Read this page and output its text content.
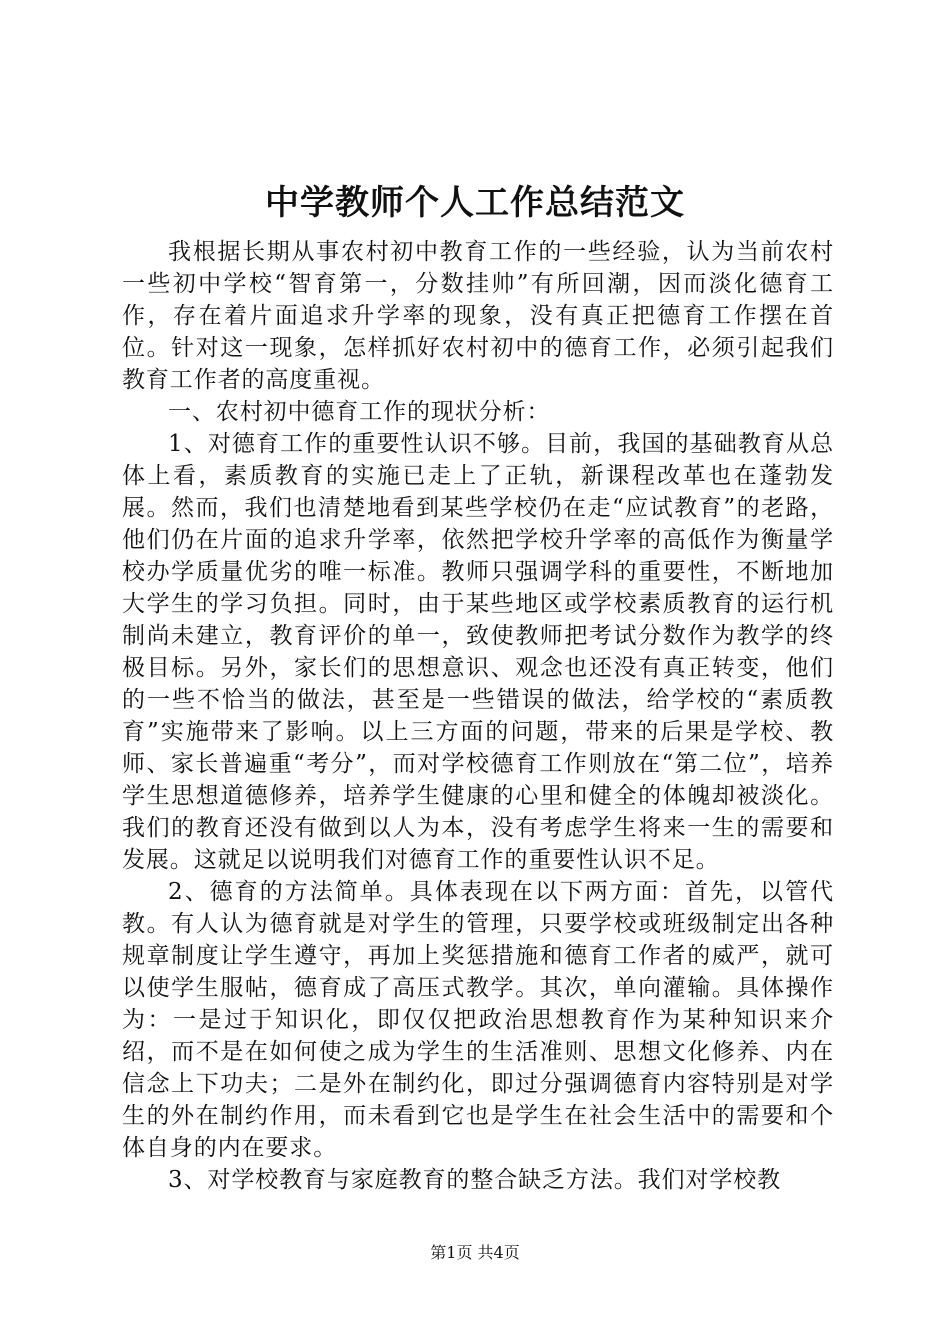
中学教师个人工作总结范文

我根据长期从事农村初中教育工作的一些经验，认为当前农村一些初中学校“智育第一，分数挂帅”有所回潮，因而淡化德育工作，存在着片面追求升学率的现象，没有真正把德育工作摆在首位。针对这一现象，怎样抓好农村初中的德育工作，必须引起我们教育工作者的高度重视。

一、农村初中德育工作的现状分析：

1、对德育工作的重要性认识不够。目前，我国的基础教育从总体上看，素质教育的实施已走上了正轨，新课程改革也在蓬勃发展。然而，我们也清楚地看到某些学校仍在走“应试教育”的老路，他们仍在片面的追求升学率，依然把学校升学率的高低作为衡量学校办学质量优劣的唯一标准。教师只强调学科的重要性，不断地加大学生的学习负担。同时，由于某些地区或学校素质教育的运行机制尚未建立，教育评价的单一，致使教师把考试分数作为教学的终极目标。另外，家长们的思想意识、观念也还没有真正转变，他们的一些不恰当的做法，甚至是一些错误的做法，给学校的“素质教育”实施带来了影响。以上三方面的问题，带来的后果是学校、教师、家长普遍重“考分”，而对学校德育工作则放在“第二位”，培养学生思想道德修养，培养学生健康的心里和健全的体魄却被淡化。我们的教育还没有做到以人为本，没有考虑学生将来一生的需要和发展。这就足以说明我们对德育工作的重要性认识不足。

2、德育的方法简单。具体表现在以下两方面：首先，以管代教。有人认为德育就是对学生的管理，只要学校或班级制定出各种规章制度让学生遵守，再加上奖惩措施和德育工作者的威严，就可以使学生服帖，德育成了高压式教学。其次，单向灌输。具体操作为：一是过于知识化，即仅仅把政治思想教育作为某种知识来介绍，而不是在如何使之成为学生的生活准则、思想文化修养、内在信念上下功夫；二是外在制约化，即过分强调德育内容特别是对学生的外在制约作用，而未看到它也是学生在社会生活中的需要和个体自身的内在要求。

3、对学校教育与家庭教育的整合缺乏方法。我们对学校教

第1页 共4页
